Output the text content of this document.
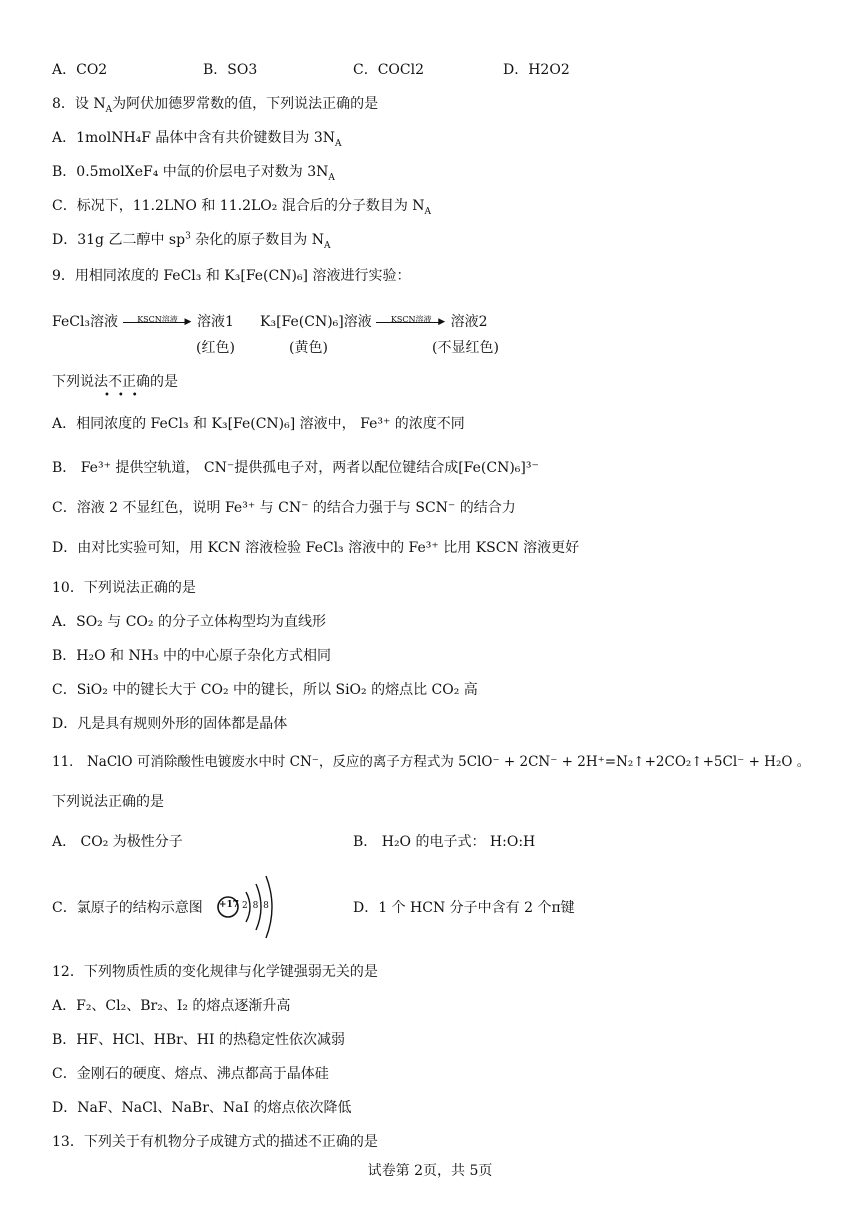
A．CO2	B．SO3	C．COCl2	D．H2O2
8．设 $N_A$为阿伏加德罗常数的值，下列说法正确的是
A．1molNH₄F 晶体中含有共价键数目为 $3N_A$
B．0.5molXeF₄ 中氙的价层电子对数为 $3N_A$
C．标况下，11.2LNO 和 11.2LO₂ 混合后的分子数目为 $N_A$
D．31g 乙二醇中 $sp^3$ 杂化的原子数目为 $N_A$
9．用相同浓度的 FeCl₃ 和 K₃[Fe(CN)₆] 溶液进行实验：
FeCl₃溶液	KSCN溶液 ▶ 溶液1 K₃[Fe(CN)₆]溶液	KSCN溶液 ▶ 溶液2
(红色)	(黄色)	(不显红色)
下列说法不正确的是
•••
A．相同浓度的 FeCl₃ 和 K₃[Fe(CN)₆] 溶液中， Fe³⁺ 的浓度不同
B． Fe³⁺ 提供空轨道， CN⁻提供孤电子对，两者以配位键结合成[Fe(CN)₆]³⁻
C．溶液 2 不显红色，说明 Fe³⁺ 与 CN⁻ 的结合力强于与 SCN⁻ 的结合力
D．由对比实验可知，用 KCN 溶液检验 FeCl₃ 溶液中的 Fe³⁺ 比用 KSCN 溶液更好
10．下列说法正确的是
A．SO₂ 与 CO₂ 的分子立体构型均为直线形
B．H₂O 和 NH₃ 中的中心原子杂化方式相同
C．SiO₂ 中的键长大于 CO₂ 中的键长，所以 SiO₂ 的熔点比 CO₂ 高
D．凡是具有规则外形的固体都是晶体
11． NaClO 可消除酸性电镀废水中时 CN⁻，反应的离子方程式为 5ClO⁻ + 2CN⁻ + 2H⁺=N₂↑+2CO₂↑+5Cl⁻ + H₂O 。
下列说法正确的是
A． CO₂ 为极性分子	B． H₂O 的电子式： H:O:H
C．氯原子的结构示意图 +17 2 8 8	D．1 个 HCN 分子中含有 2 个π键
12．下列物质性质的变化规律与化学键强弱无关的是
A．F₂、Cl₂、Br₂、I₂ 的熔点逐渐升高
B．HF、HCl、HBr、HI 的热稳定性依次减弱
C．金刚石的硬度、熔点、沸点都高于晶体硅
D．NaF、NaCl、NaBr、NaI 的熔点依次降低
13．下列关于有机物分子成键方式的描述不正确的是
试卷第 2页，共 5页
